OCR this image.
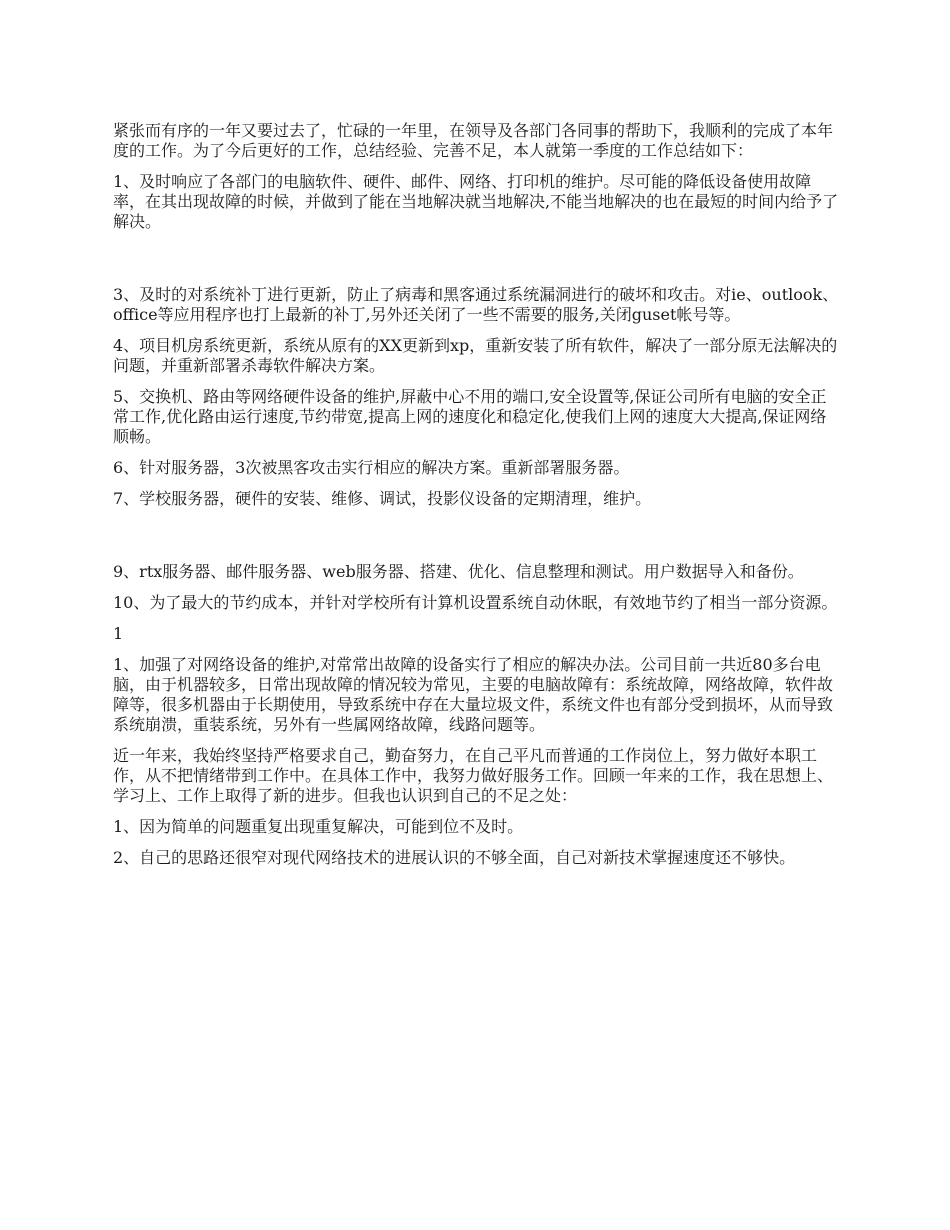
紧张而有序的一年又要过去了，忙碌的一年里，在领导及各部门各同事的帮助下，我顺利的完成了本年度的工作。为了今后更好的工作，总结经验、完善不足，本人就第一季度的工作总结如下：

1、及时响应了各部门的电脑软件、硬件、邮件、网络、打印机的维护。尽可能的降低设备使用故障率，在其出现故障的时候，并做到了能在当地解决就当地解决,不能当地解决的也在最短的时间内给予了解决。

3、及时的对系统补丁进行更新，防止了病毒和黑客通过系统漏洞进行的破坏和攻击。对ie、outlook、office等应用程序也打上最新的补丁,另外还关闭了一些不需要的服务,关闭guset帐号等。

4、项目机房系统更新，系统从原有的XX更新到xp，重新安装了所有软件，解决了一部分原无法解决的问题，并重新部署杀毒软件解决方案。

5、交换机、路由等网络硬件设备的维护,屏蔽中心不用的端口,安全设置等,保证公司所有电脑的安全正常工作,优化路由运行速度,节约带宽,提高上网的速度化和稳定化,使我们上网的速度大大提高,保证网络顺畅。

6、针对服务器，3次被黑客攻击实行相应的解决方案。重新部署服务器。

7、学校服务器，硬件的安装、维修、调试，投影仪设备的定期清理，维护。

9、rtx服务器、邮件服务器、web服务器、搭建、优化、信息整理和测试。用户数据导入和备份。

10、为了最大的节约成本，并针对学校所有计算机设置系统自动休眠，有效地节约了相当一部分资源。

1

1、加强了对网络设备的维护,对常常出故障的设备实行了相应的解决办法。公司目前一共近80多台电脑，由于机器较多，日常出现故障的情况较为常见，主要的电脑故障有：系统故障，网络故障，软件故障等，很多机器由于长期使用，导致系统中存在大量垃圾文件，系统文件也有部分受到损坏，从而导致系统崩溃，重装系统，另外有一些属网络故障，线路问题等。

近一年来，我始终坚持严格要求自己，勤奋努力，在自己平凡而普通的工作岗位上，努力做好本职工作，从不把情绪带到工作中。在具体工作中，我努力做好服务工作。回顾一年来的工作，我在思想上、学习上、工作上取得了新的进步。但我也认识到自己的不足之处：

1、因为简单的问题重复出现重复解决，可能到位不及时。

2、自己的思路还很窄对现代网络技术的进展认识的不够全面，自己对新技术掌握速度还不够快。
